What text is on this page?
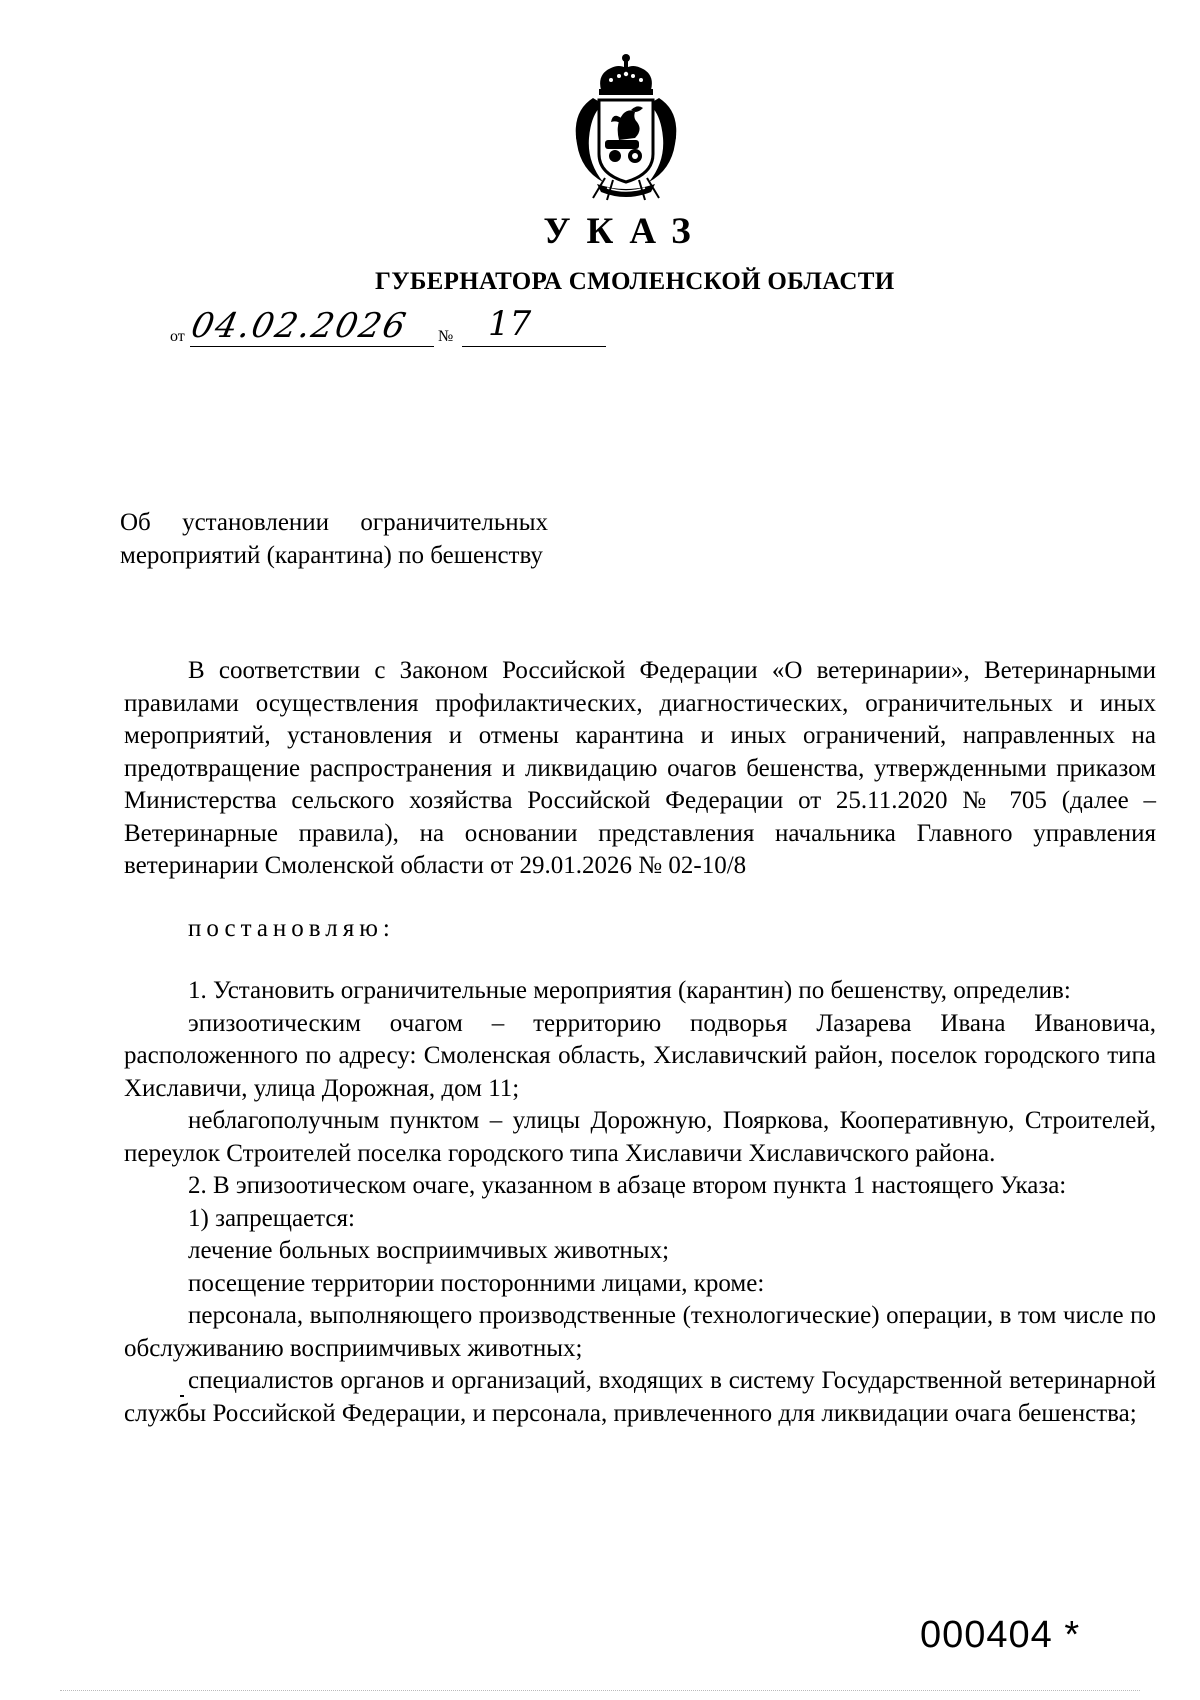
УКАЗ
ГУБЕРНАТОРА СМОЛЕНСКОЙ ОБЛАСТИ
от 04.02.2026 № 17
Об установлении ограничительных мероприятий (карантина) по бешенству

В соответствии с Законом Российской Федерации «О ветеринарии», Ветеринарными правилами осуществления профилактических, диагностических, ограничительных и иных мероприятий, установления и отмены карантина и иных ограничений, направленных на предотвращение распространения и ликвидацию очагов бешенства, утвержденными приказом Министерства сельского хозяйства Российской Федерации от 25.11.2020 № 705 (далее – Ветеринарные правила), на основании представления начальника Главного управления ветеринарии Смоленской области от 29.01.2026 № 02-10/8

постановляю:

1. Установить ограничительные мероприятия (карантин) по бешенству, определив:

эпизоотическим очагом – территорию подворья Лазарева Ивана Ивановича, расположенного по адресу: Смоленская область, Хиславичский район, поселок городского типа Хиславичи, улица Дорожная, дом 11;

неблагополучным пунктом – улицы Дорожную, Пояркова, Кооперативную, Строителей, переулок Строителей поселка городского типа Хиславичи Хиславичского района.

2. В эпизоотическом очаге, указанном в абзаце втором пункта 1 настоящего Указа:

1) запрещается:

лечение больных восприимчивых животных;

посещение территории посторонними лицами, кроме:

персонала, выполняющего производственные (технологические) операции, в том числе по обслуживанию восприимчивых животных;

специалистов органов и организаций, входящих в систему Государственной ветеринарной службы Российской Федерации, и персонала, привлеченного для ликвидации очага бешенства;

000404 *
